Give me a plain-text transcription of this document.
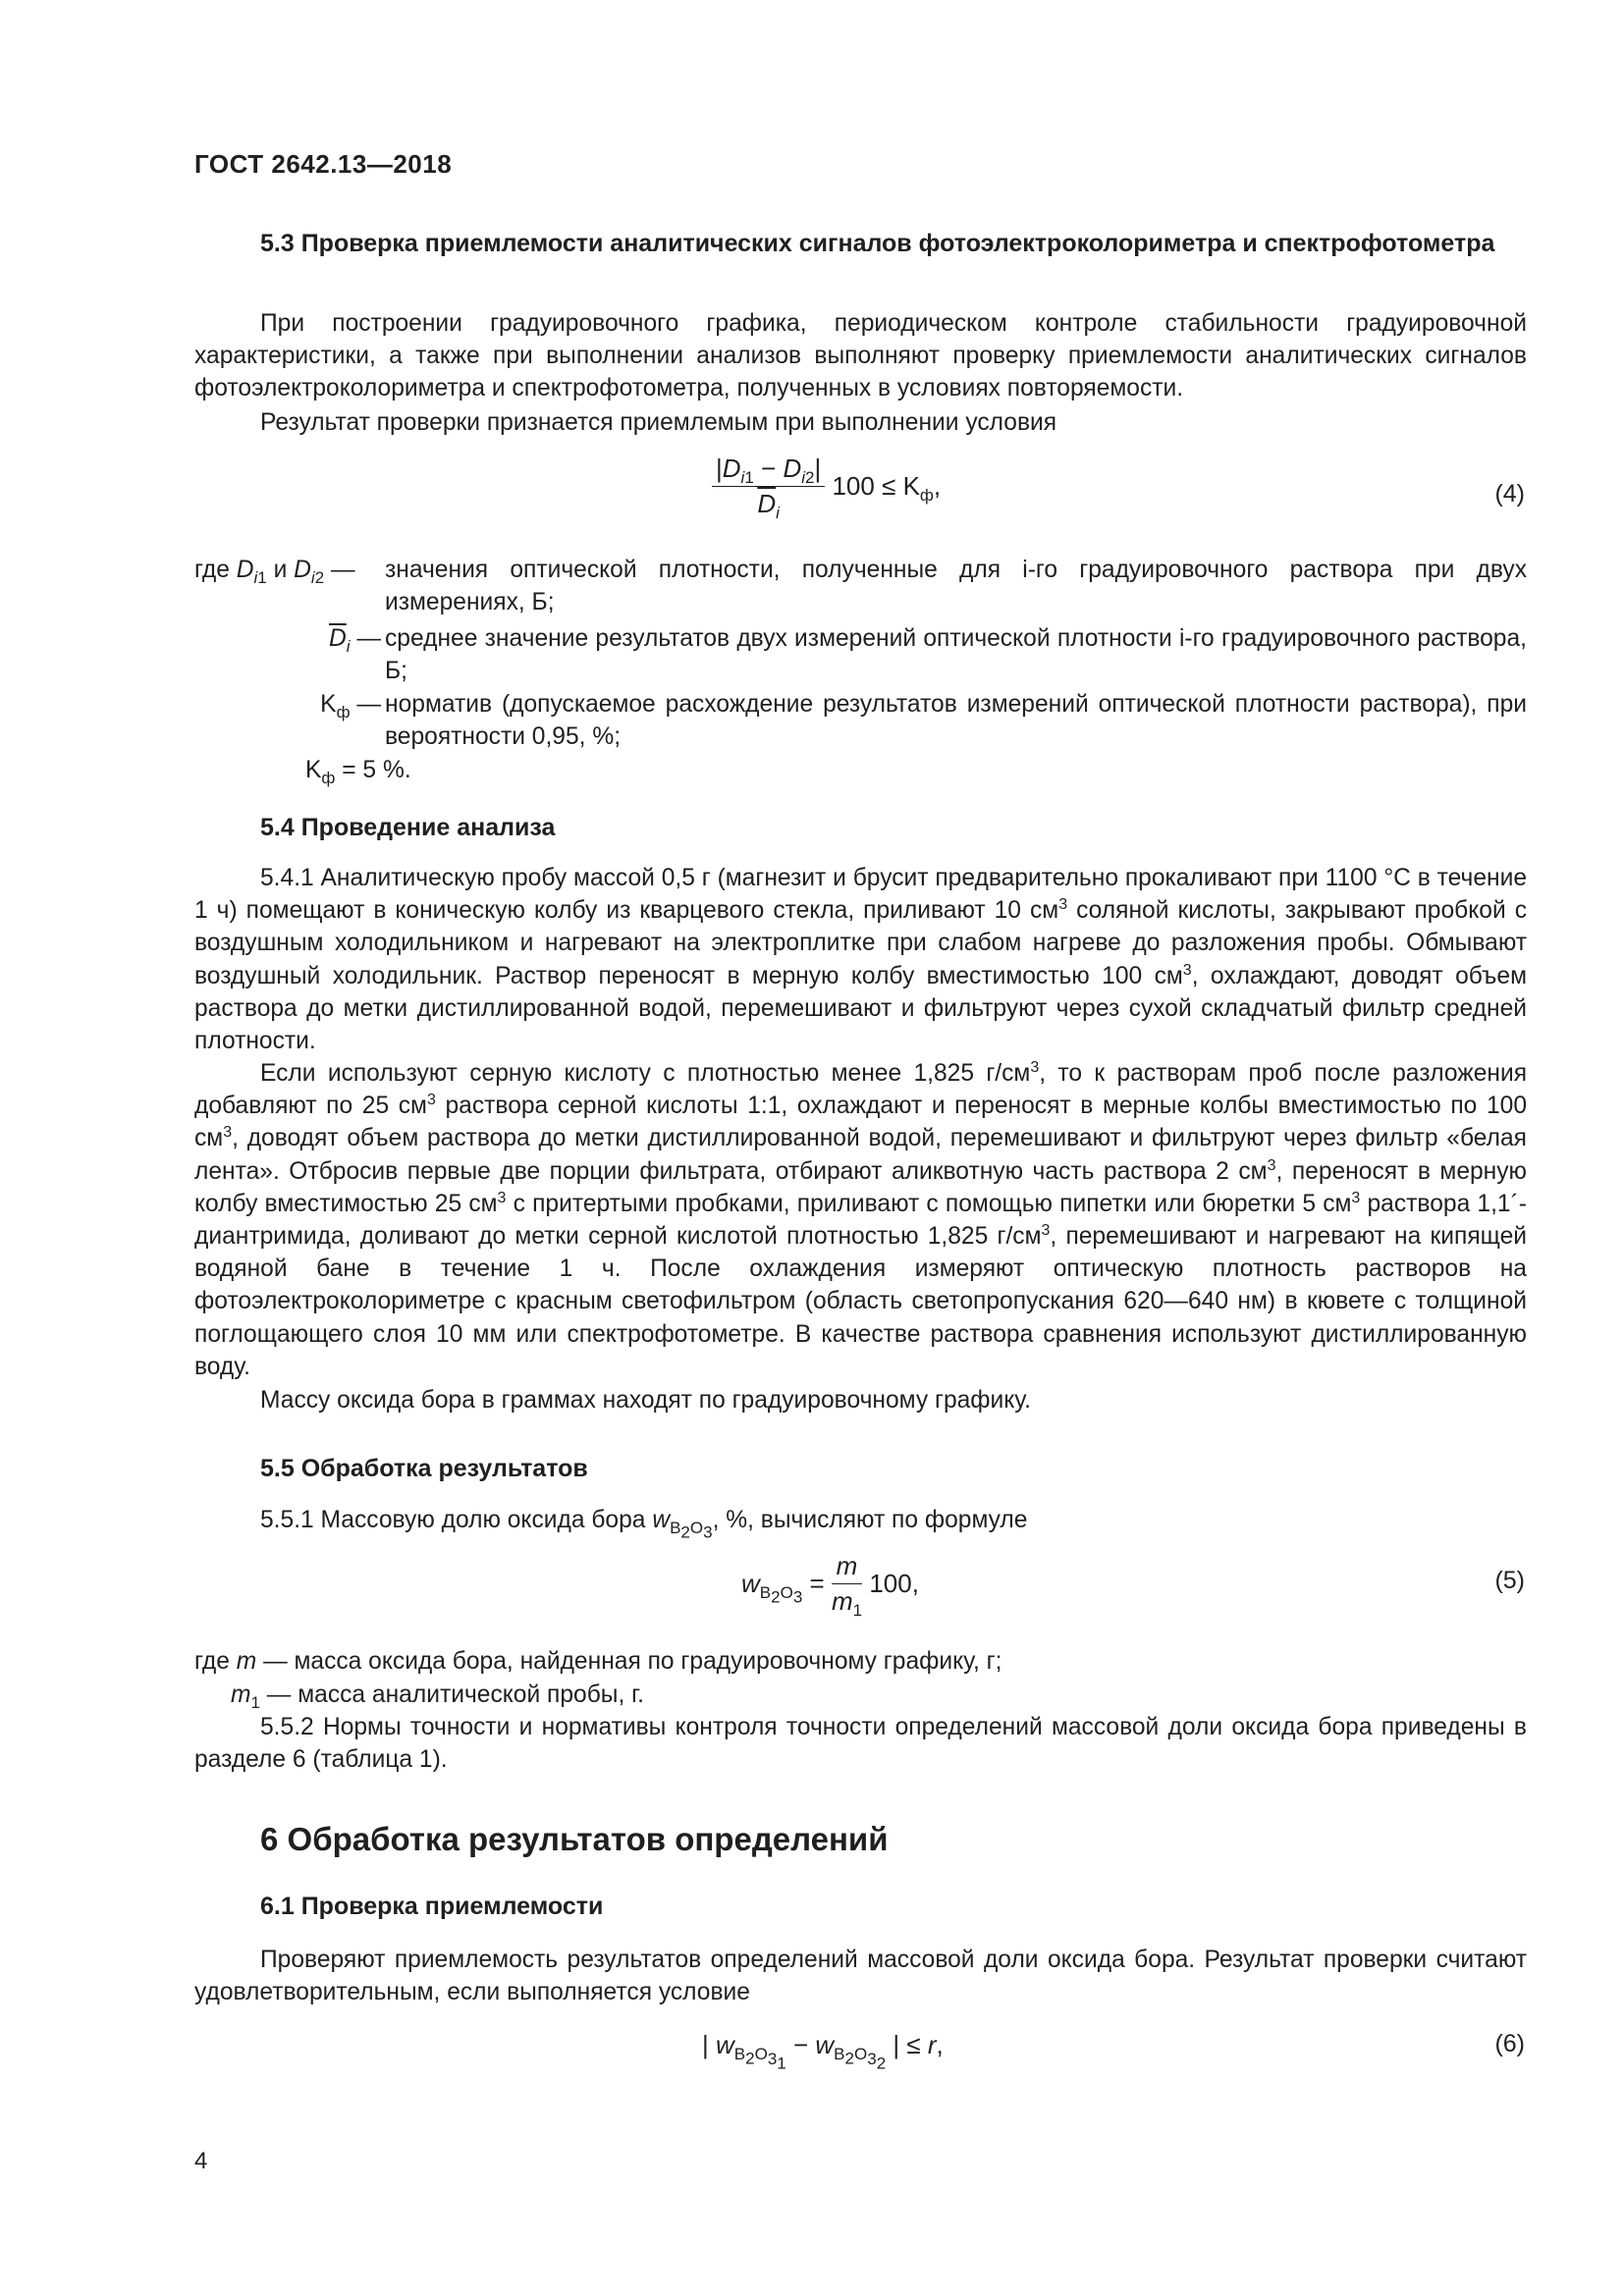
ГОСТ 2642.13—2018
5.3 Проверка приемлемости аналитических сигналов фотоэлектроколориметра и спектрофотометра
При построении градуировочного графика, периодическом контроле стабильности градуировочной характеристики, а также при выполнении анализов выполняют проверку приемлемости аналитических сигналов фотоэлектроколориметра и спектрофотометра, полученных в условиях повторяемости.
Результат проверки признается приемлемым при выполнении условия
$\frac{|D_{i1} - D_{i2}|}{\overline{D}_i} 100 \le K_ф$,	(4)
где $D_{i1}$ и $D_{i2}$ —	значения оптической плотности, полученные для i-го градуировочного раствора при двух измерениях, Б;
$\overline{D}_i$ — среднее значение результатов двух измерений оптической плотности i-го градуировочного раствора, Б;
$K_ф$ — норматив (допускаемое расхождение результатов измерений оптической плотности раствора), при вероятности 0,95, %;
$K_ф = 5$ %.
5.4 Проведение анализа
5.4.1 Аналитическую пробу массой 0,5 г (магнезит и брусит предварительно прокаливают при 1100 °С в течение 1 ч) помещают в коническую колбу из кварцевого стекла, приливают 10 $см^3$ соляной кислоты, закрывают пробкой с воздушным холодильником и нагревают на электроплитке при слабом нагреве до разложения пробы. Обмывают воздушный холодильник. Раствор переносят в мерную колбу вместимостью 100 $см^3$, охлаждают, доводят объем раствора до метки дистиллированной водой, перемешивают и фильтруют через сухой складчатый фильтр средней плотности.
Если используют серную кислоту с плотностью менее 1,825 $г/см^3$, то к растворам проб после разложения добавляют по 25 $см^3$ раствора серной кислоты 1:1, охлаждают и переносят в мерные колбы вместимостью по 100 $см^3$, доводят объем раствора до метки дистиллированной водой, перемешивают и фильтруют через фильтр «белая лента». Отбросив первые две порции фильтрата, отбирают аликвотную часть раствора 2 $см^3$, переносят в мерную колбу вместимостью 25 $см^3$ с притертыми пробками, приливают с помощью пипетки или бюретки 5 $см^3$ раствора 1,1´-диантримида, доливают до метки серной кислотой плотностью 1,825 $г/см^3$, перемешивают и нагревают на кипящей водяной бане в течение 1 ч. После охлаждения измеряют оптическую плотность растворов на фотоэлектроколориметре с красным светофильтром (область светопропускания 620—640 нм) в кювете с толщиной поглощающего слоя 10 мм или спектрофотометре. В качестве раствора сравнения используют дистиллированную воду.
Массу оксида бора в граммах находят по градуировочному графику.
5.5 Обработка результатов
5.5.1 Массовую долю оксида бора $w_{B_2O_3}$, %, вычисляют по формуле
$w_{B_2O_3} = \frac{m}{m_1} 100$,	(5)
где m — масса оксида бора, найденная по градуировочному графику, г;
$m_1$ — масса аналитической пробы, г.
5.5.2 Нормы точности и нормативы контроля точности определений массовой доли оксида бора приведены в разделе 6 (таблица 1).
6 Обработка результатов определений
6.1 Проверка приемлемости
Проверяют приемлемость результатов определений массовой доли оксида бора. Результат проверки считают удовлетворительным, если выполняется условие
| $w_{B_2O_{3_1}} - w_{B_2O_{3_2}}$ | ≤ r,	(6)
4
